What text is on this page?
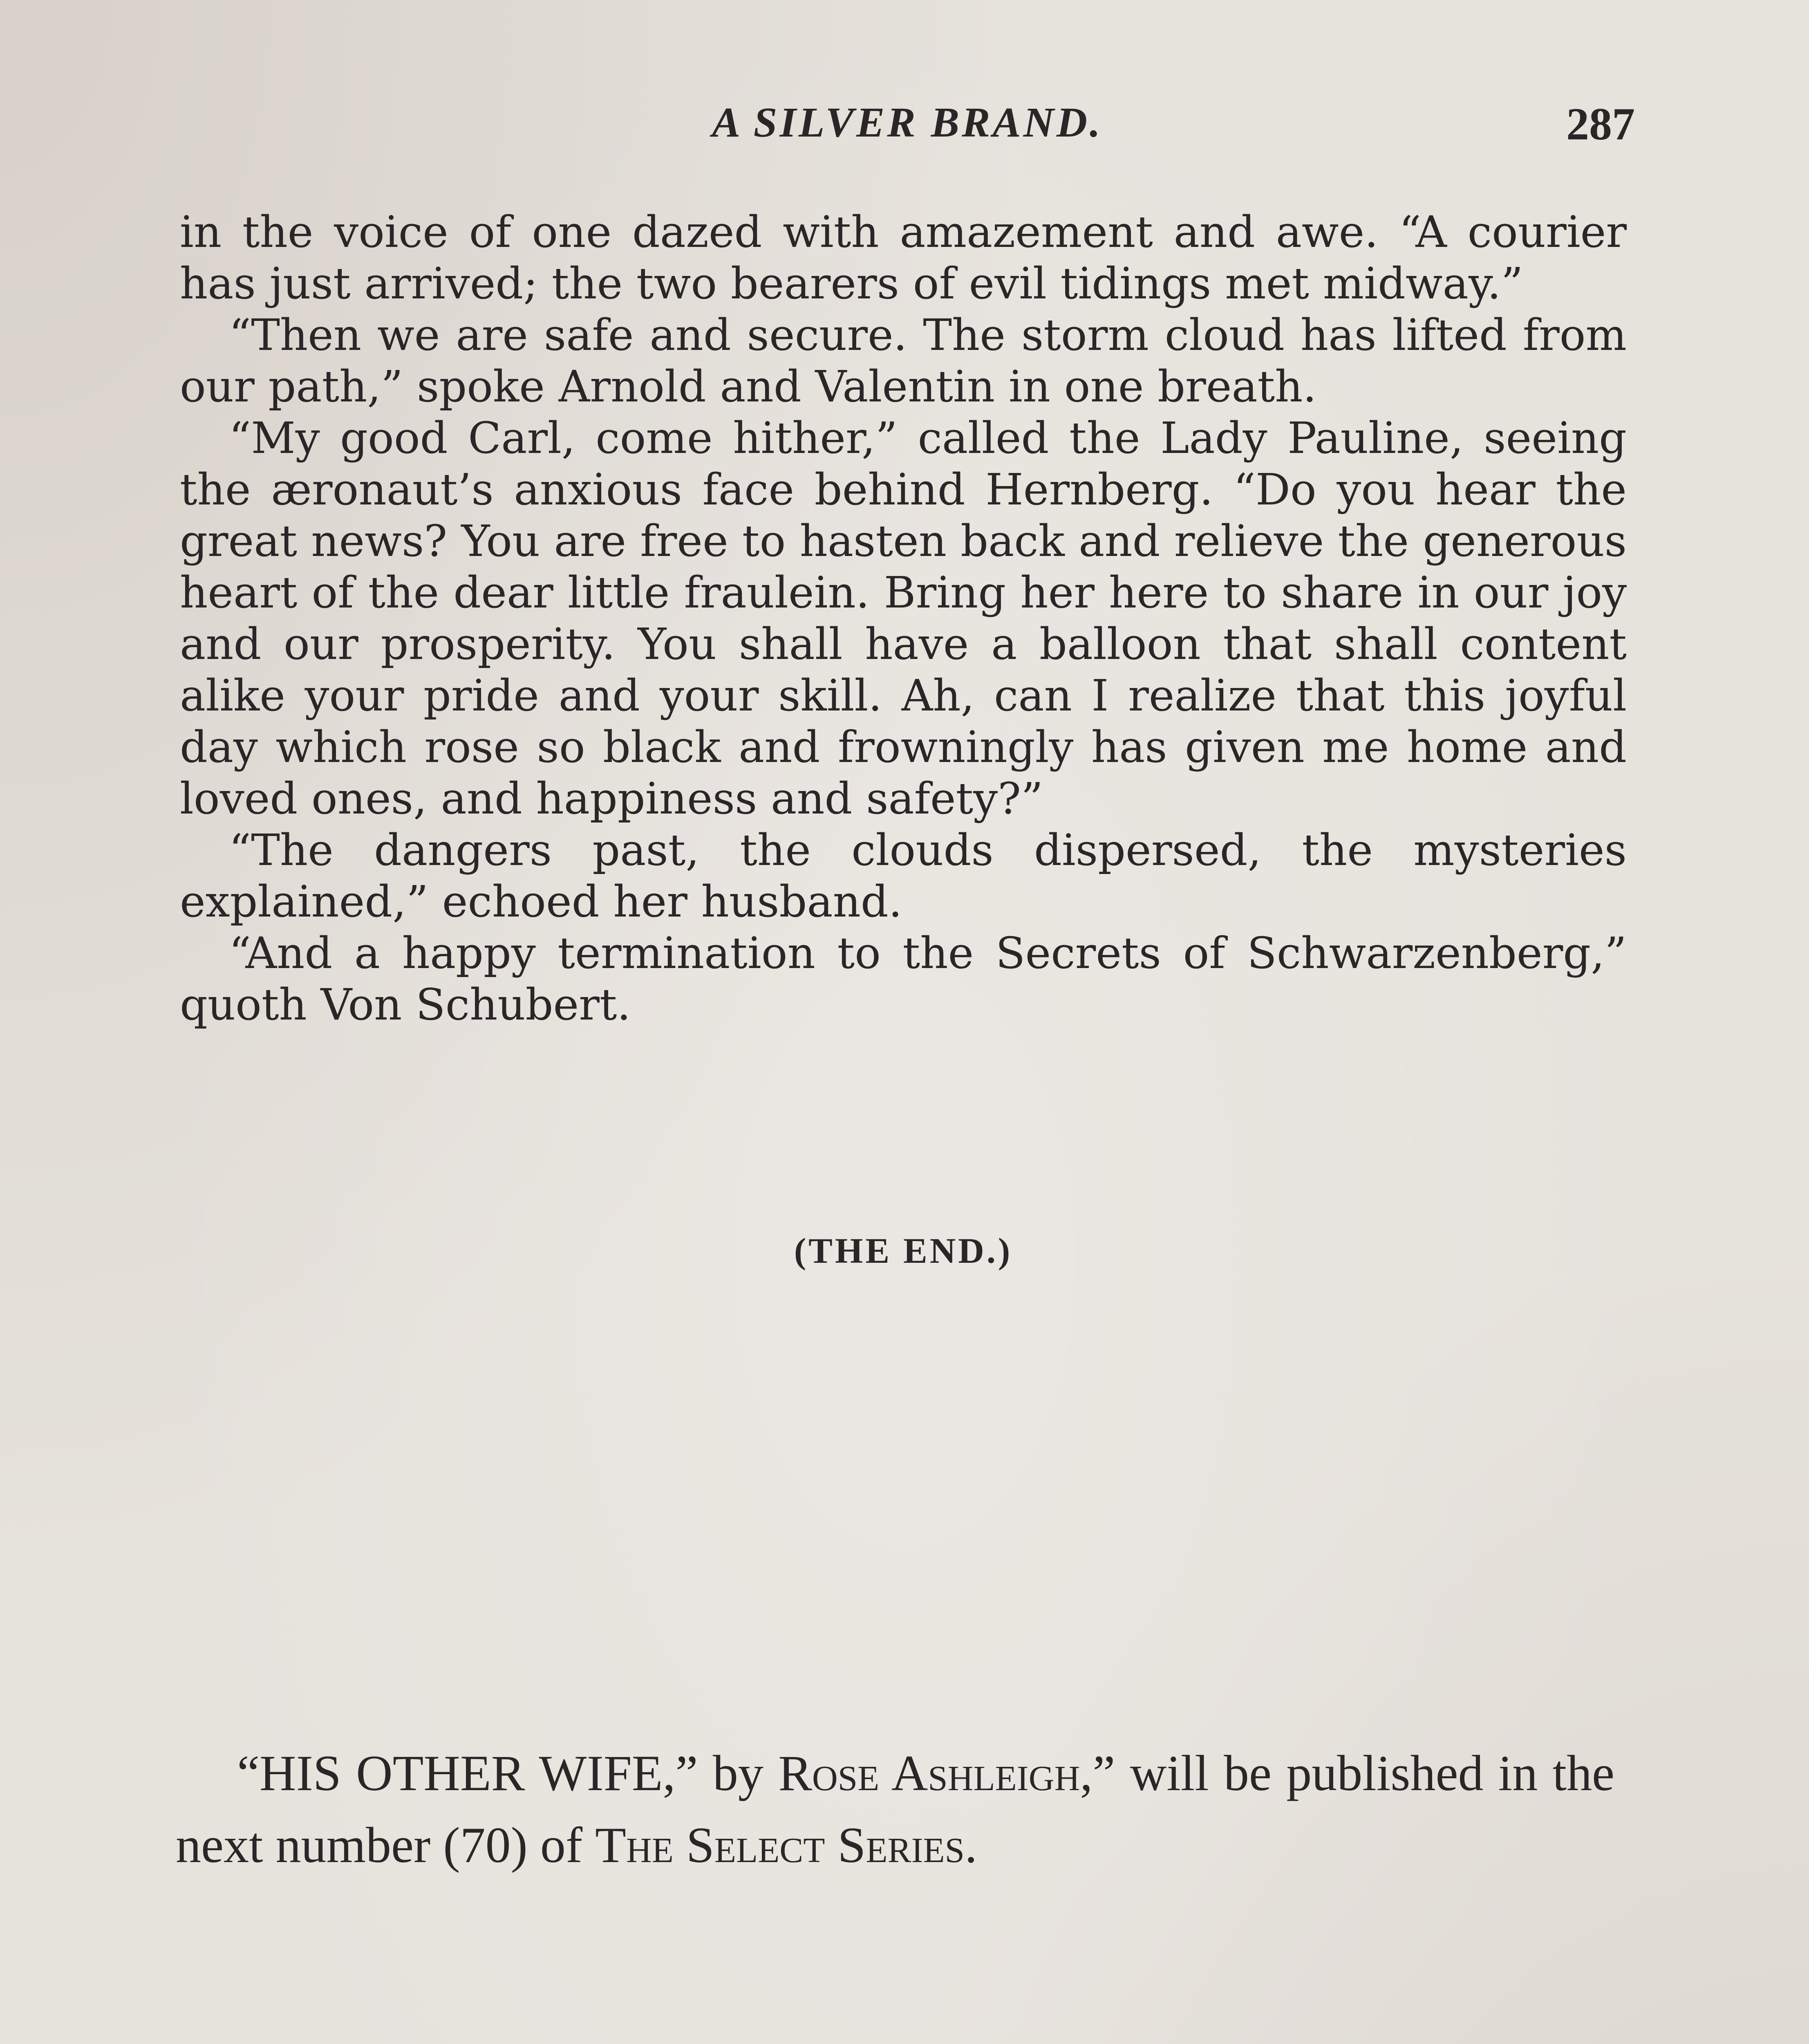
A SILVER BRAND.	287

in the voice of one dazed with amazement and awe. “A courier has just arrived; the two bearers of evil tidings met midway.”

“Then we are safe and secure. The storm cloud has lifted from our path,” spoke Arnold and Valentin in one breath.

“My good Carl, come hither,” called the Lady Pauline, seeing the æronaut’s anxious face behind Hernberg. “Do you hear the great news? You are free to hasten back and relieve the generous heart of the dear little fraulein. Bring her here to share in our joy and our prosperity. You shall have a balloon that shall content alike your pride and your skill. Ah, can I realize that this joyful day which rose so black and frowningly has given me home and loved ones, and happiness and safety?”

“The dangers past, the clouds dispersed, the mysteries explained,” echoed her husband.

“And a happy termination to the Secrets of Schwarzenberg,” quoth Von Schubert.

(THE END.)

“HIS OTHER WIFE,” by Rose Ashleigh,” will be published in the next number (70) of The Select Series.
